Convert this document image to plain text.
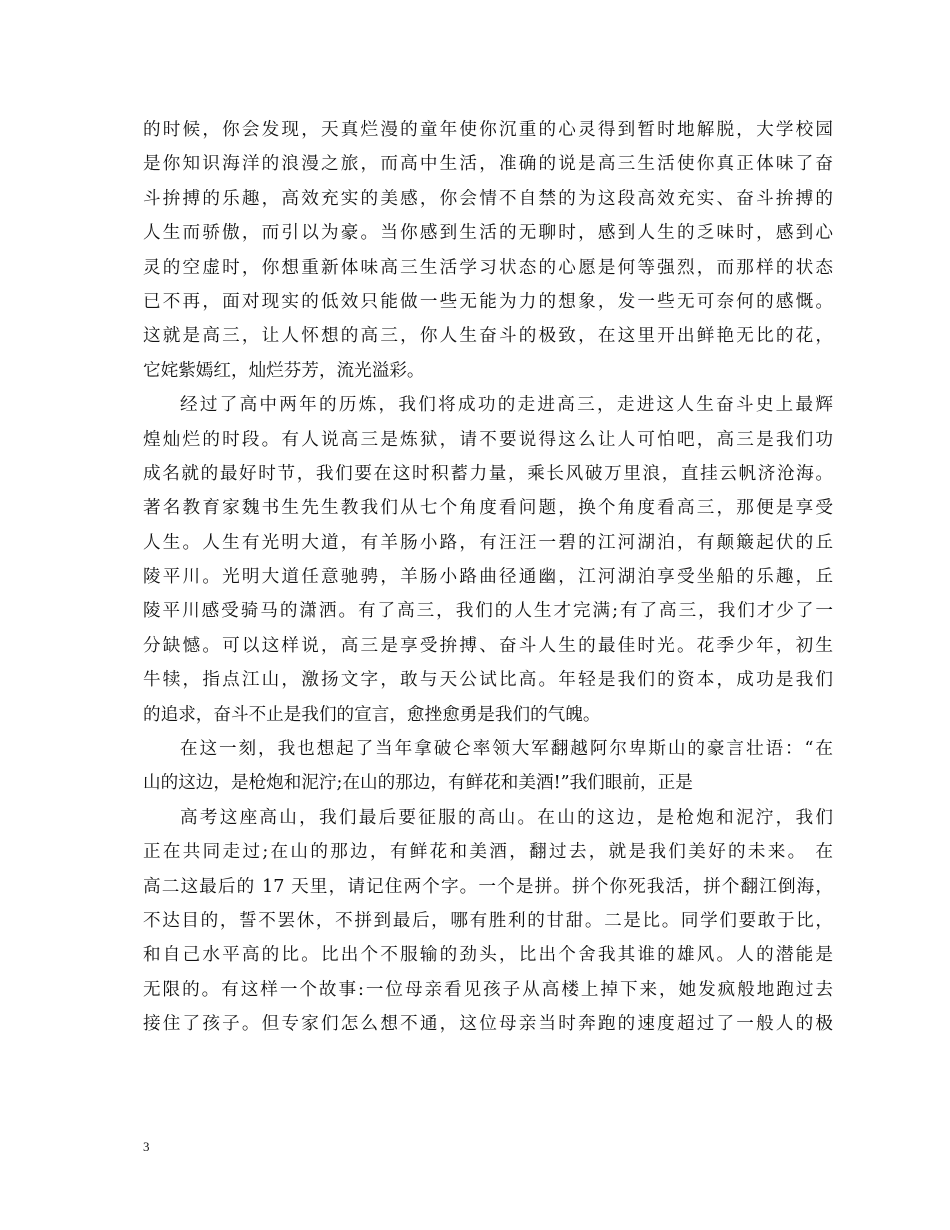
的时候，你会发现，天真烂漫的童年使你沉重的心灵得到暂时地解脱，大学校园
是你知识海洋的浪漫之旅，而高中生活，准确的说是高三生活使你真正体味了奋
斗拚搏的乐趣，高效充实的美感，你会情不自禁的为这段高效充实、奋斗拚搏的
人生而骄傲，而引以为豪。当你感到生活的无聊时，感到人生的乏味时，感到心
灵的空虚时，你想重新体味高三生活学习状态的心愿是何等强烈，而那样的状态
已不再，面对现实的低效只能做一些无能为力的想象，发一些无可奈何的感慨。
这就是高三，让人怀想的高三，你人生奋斗的极致，在这里开出鲜艳无比的花，
它姹紫嫣红，灿烂芬芳，流光溢彩。
经过了高中两年的历炼，我们将成功的走进高三，走进这人生奋斗史上最辉
煌灿烂的时段。有人说高三是炼狱，请不要说得这么让人可怕吧，高三是我们功
成名就的最好时节，我们要在这时积蓄力量，乘长风破万里浪，直挂云帆济沧海。
著名教育家魏书生先生教我们从七个角度看问题，换个角度看高三，那便是享受
人生。人生有光明大道，有羊肠小路，有汪汪一碧的江河湖泊，有颠簸起伏的丘
陵平川。光明大道任意驰骋，羊肠小路曲径通幽，江河湖泊享受坐船的乐趣，丘
陵平川感受骑马的潇洒。有了高三，我们的人生才完满;有了高三，我们才少了一
分缺憾。可以这样说，高三是享受拚搏、奋斗人生的最佳时光。花季少年，初生
牛犊，指点江山，激扬文字，敢与天公试比高。年轻是我们的资本，成功是我们
的追求，奋斗不止是我们的宣言，愈挫愈勇是我们的气魄。
在这一刻，我也想起了当年拿破仑率领大军翻越阿尔卑斯山的豪言壮语：“在
山的这边，是枪炮和泥泞;在山的那边，有鲜花和美酒!”我们眼前，正是
高考这座高山，我们最后要征服的高山。在山的这边，是枪炮和泥泞，我们
正在共同走过;在山的那边，有鲜花和美酒，翻过去，就是我们美好的未来。 在
高二这最后的 17 天里，请记住两个字。一个是拼。拼个你死我活，拼个翻江倒海，
不达目的，誓不罢休，不拼到最后，哪有胜利的甘甜。二是比。同学们要敢于比，
和自己水平高的比。比出个不服输的劲头，比出个舍我其谁的雄风。人的潜能是
无限的。有这样一个故事:一位母亲看见孩子从高楼上掉下来，她发疯般地跑过去
接住了孩子。但专家们怎么想不通，这位母亲当时奔跑的速度超过了一般人的极
3
